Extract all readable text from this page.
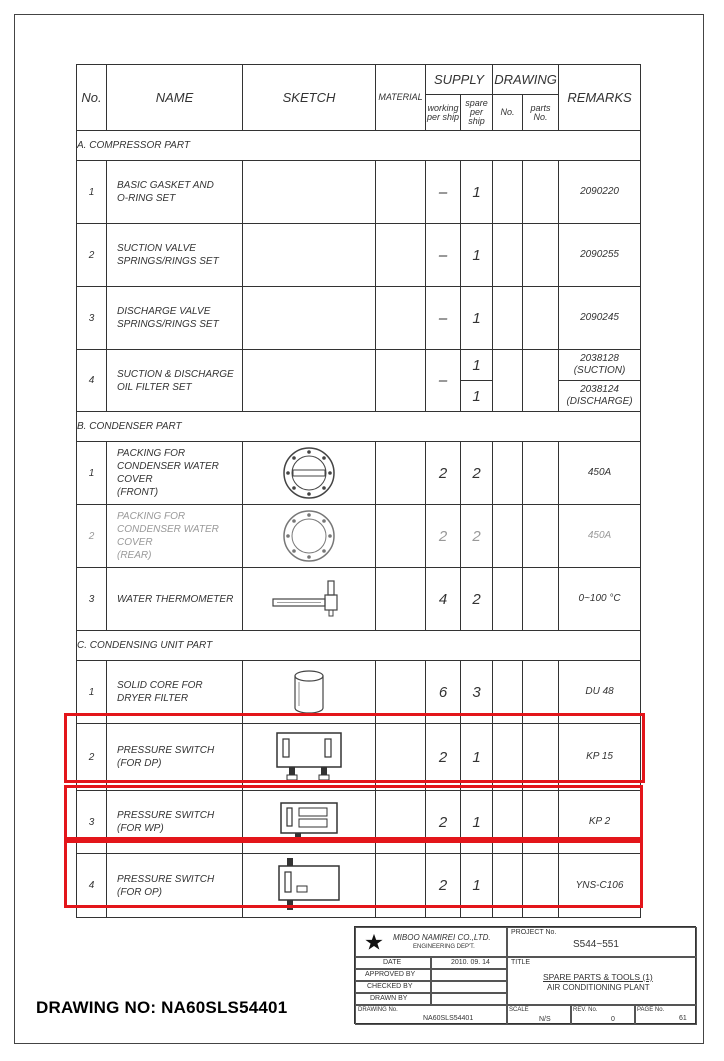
No.	NAME	SKETCH	MATERIAL	SUPPLY		DRAWING		REMARKS
				working per ship	spare per ship	No.	parts No.	
A. COMPRESSOR PART								
1	BASIC GASKET AND
O-RING SET			–	1			2090220
2	SUCTION VALVE
SPRINGS/RINGS SET			–	1			2090255
3	DISCHARGE VALVE
SPRINGS/RINGS SET			–	1			2090245
4	SUCTION & DISCHARGE
OIL FILTER SET			–	1			2038128
(SUCTION)
					1			2038124
(DISCHARGE)
B. CONDENSER PART								
1	PACKING FOR
CONDENSER WATER COVER
(FRONT)			2	2			450A
2	PACKING FOR
CONDENSER WATER COVER
(REAR)			2	2			450A
3	WATER THERMOMETER			4	2			0~100 °C
C. CONDENSING UNIT PART								
1	SOLID CORE FOR
DRYER FILTER			6	3			DU 48
2	PRESSURE SWITCH
(FOR DP)			2	1			KP 15
3	PRESSURE SWITCH
(FOR WP)			2	1			KP 2
4	PRESSURE SWITCH
(FOR OP)			2	1			YNS-C106
MIBOO NAMIREI CO.,LTD.
ENGINEERING DEP'T.
DATE	2010. 09. 14
APPROVED BY
CHECKED BY
DRAWN BY
PROJECT No.
S544~551
TITLE
SPARE PARTS & TOOLS (1)
AIR CONDITIONING PLANT
DRAWING No.
NA60SLS54401
SCALE
N/S
REV. No.
0
PAGE No.
61
DRAWING NO: NA60SLS54401
